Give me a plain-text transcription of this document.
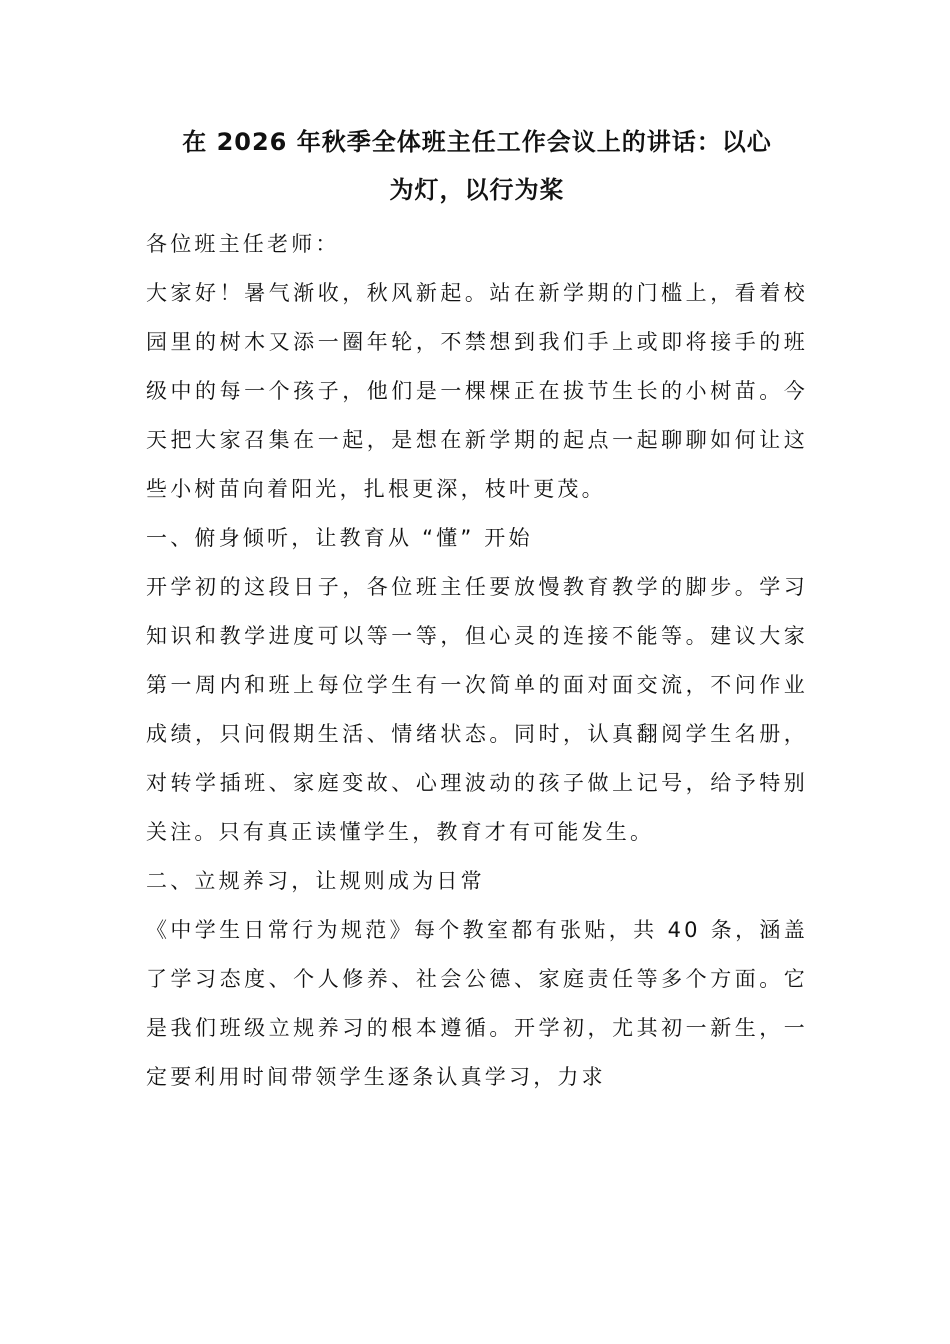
在 2026 年秋季全体班主任工作会议上的讲话：以心
为灯，以行为桨

各位班主任老师：

大家好！暑气渐收，秋风新起。站在新学期的门槛上，看着校园里的树木又添一圈年轮，不禁想到我们手上或即将接手的班级中的每一个孩子，他们是一棵棵正在拔节生长的小树苗。今天把大家召集在一起，是想在新学期的起点一起聊聊如何让这些小树苗向着阳光，扎根更深，枝叶更茂。

一、俯身倾听，让教育从 “懂” 开始

开学初的这段日子，各位班主任要放慢教育教学的脚步。学习知识和教学进度可以等一等，但心灵的连接不能等。建议大家第一周内和班上每位学生有一次简单的面对面交流，不问作业成绩，只问假期生活、情绪状态。同时，认真翻阅学生名册，对转学插班、家庭变故、心理波动的孩子做上记号，给予特别关注。只有真正读懂学生，教育才有可能发生。

二、立规养习，让规则成为日常

《中学生日常行为规范》每个教室都有张贴，共 40 条，涵盖了学习态度、个人修养、社会公德、家庭责任等多个方面。它是我们班级立规养习的根本遵循。开学初，尤其初一新生，一定要利用时间带领学生逐条认真学习，力求
